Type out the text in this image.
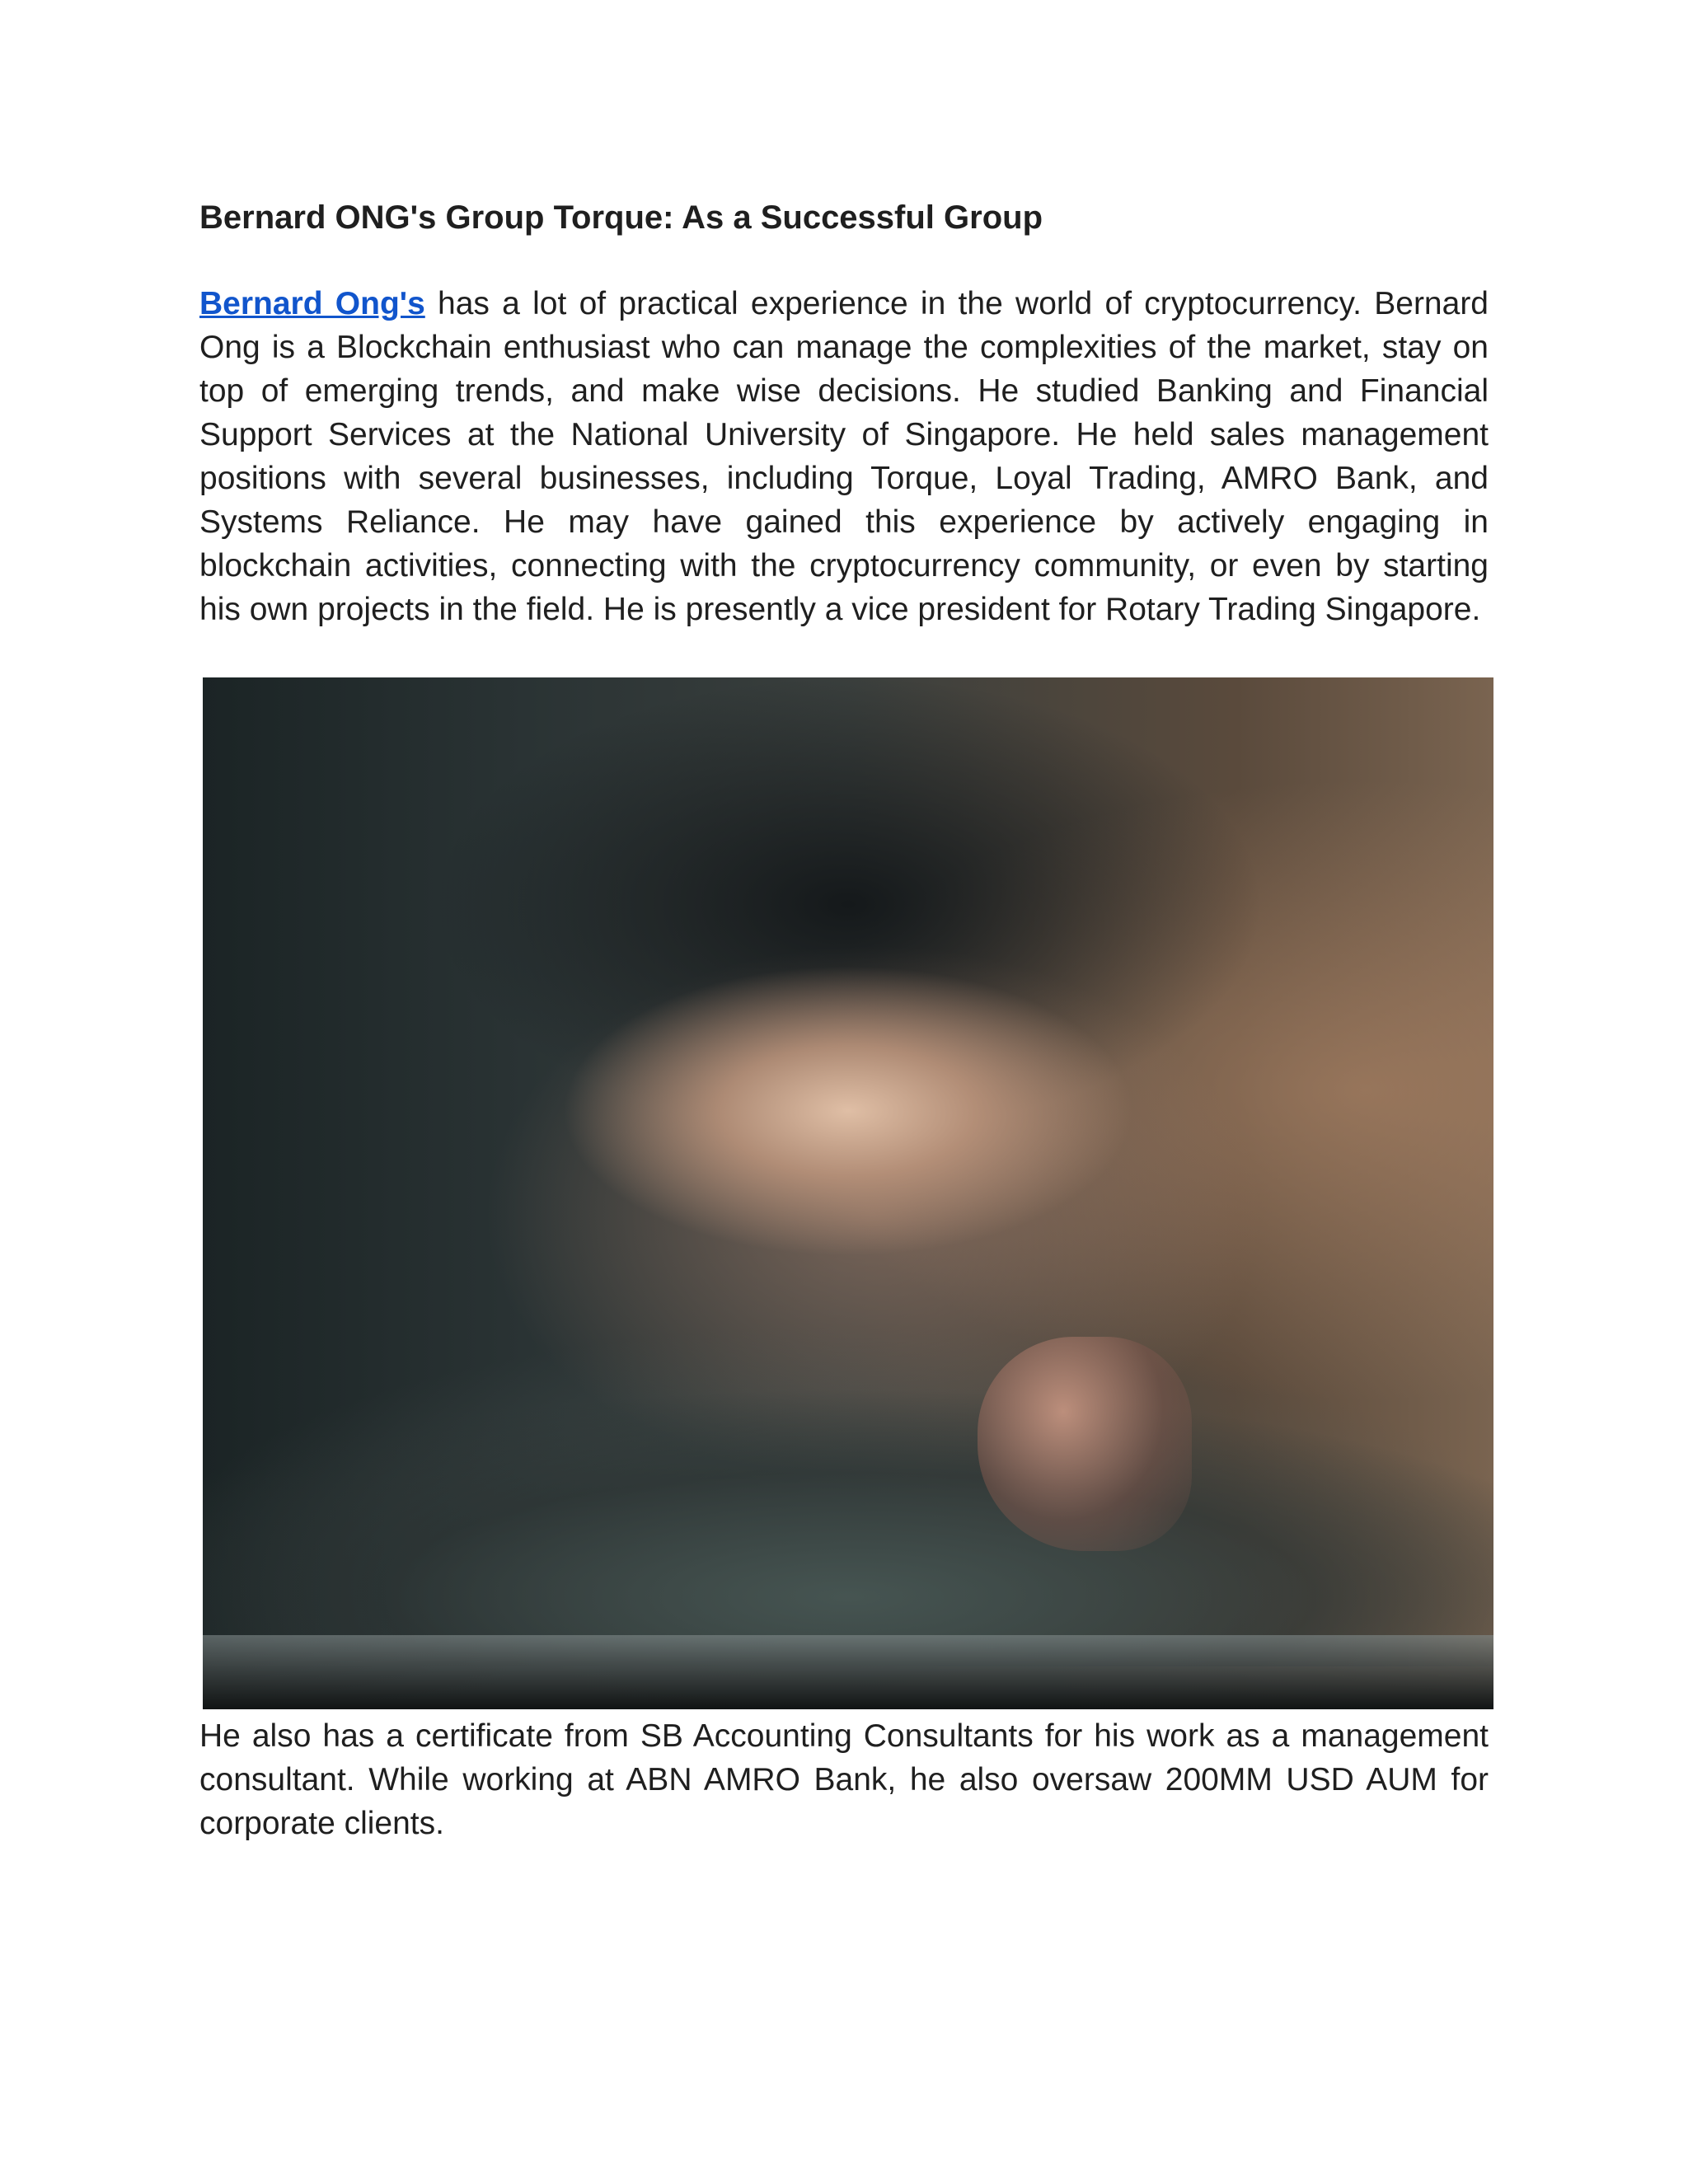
Bernard ONG's Group Torque: As a Successful Group

Bernard Ong's has a lot of practical experience in the world of cryptocurrency. Bernard Ong is a Blockchain enthusiast who can manage the complexities of the market, stay on top of emerging trends, and make wise decisions. He studied Banking and Financial Support Services at the National University of Singapore. He held sales management positions with several businesses, including Torque, Loyal Trading, AMRO Bank, and Systems Reliance. He may have gained this experience by actively engaging in blockchain activities, connecting with the cryptocurrency community, or even by starting his own projects in the field. He is presently a vice president for Rotary Trading Singapore.

He also has a certificate from SB Accounting Consultants for his work as a management consultant. While working at ABN AMRO Bank, he also oversaw 200MM USD AUM for corporate clients.
